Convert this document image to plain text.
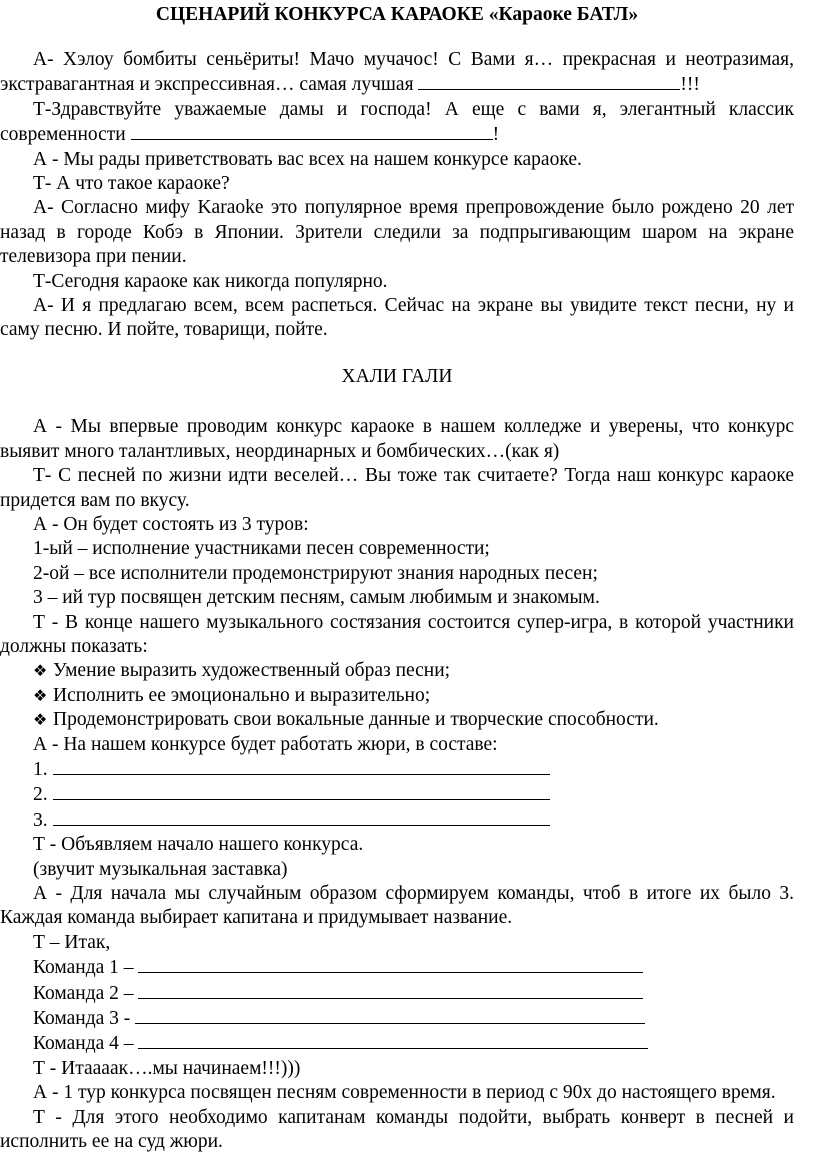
СЦЕНАРИЙ КОНКУРСА КАРАОКЕ «Караоке БАТЛ»

А- Хэлоу бомбиты сеньёриты! Мачо мучачос! С Вами я… прекрасная и неотразимая, экстравагантная и экспрессивная… самая лучшая	!!!

Т-Здравствуйте уважаемые дамы и господа! А еще с вами я, элегантный классик современности	!

А - Мы рады приветствовать вас всех на нашем конкурсе караоке.

Т- А что такое караоке?

А- Согласно мифу Karaoke это популярное время препровождение было рождено 20 лет назад в городе Кобэ в Японии. Зрители следили за подпрыгивающим шаром на экране телевизора при пении.

Т-Сегодня караоке как никогда популярно.

А- И я предлагаю всем, всем распеться. Сейчас на экране вы увидите текст песни, ну и саму песню. И пойте, товарищи, пойте.

ХАЛИ ГАЛИ

А - Мы впервые проводим конкурс караоке в нашем колледже и уверены, что конкурс выявит много талантливых, неординарных и бомбических…(как я)

Т- С песней по жизни идти веселей… Вы тоже так считаете? Тогда наш конкурс караоке придется вам по вкусу.

А - Он будет состоять из 3 туров:

1-ый – исполнение участниками песен современности;

2-ой – все исполнители продемонстрируют знания народных песен;

3 – ий тур посвящен детским песням, самым любимым и знакомым.

Т - В конце нашего музыкального состязания состоится супер-игра, в которой участники должны показать:

❖ Умение выразить художественный образ песни;
❖ Исполнить ее эмоционально и выразительно;
❖ Продемонстрировать свои вокальные данные и творческие способности.

А - На нашем конкурсе будет работать жюри, в составе:

1.
2.
3.

Т - Объявляем начало нашего конкурса.

(звучит музыкальная заставка)

А - Для начала мы случайным образом сформируем команды, чтоб в итоге их было 3. Каждая команда выбирает капитана и придумывает название.

Т – Итак,

Команда 1 –
Команда 2 –
Команда 3 -
Команда 4 –

Т - Итаааак….мы начинаем!!!)))

А - 1 тур конкурса посвящен песням современности в период с 90х до настоящего время.

Т - Для этого необходимо капитанам команды подойти, выбрать конверт в песней и исполнить ее на суд жюри.
